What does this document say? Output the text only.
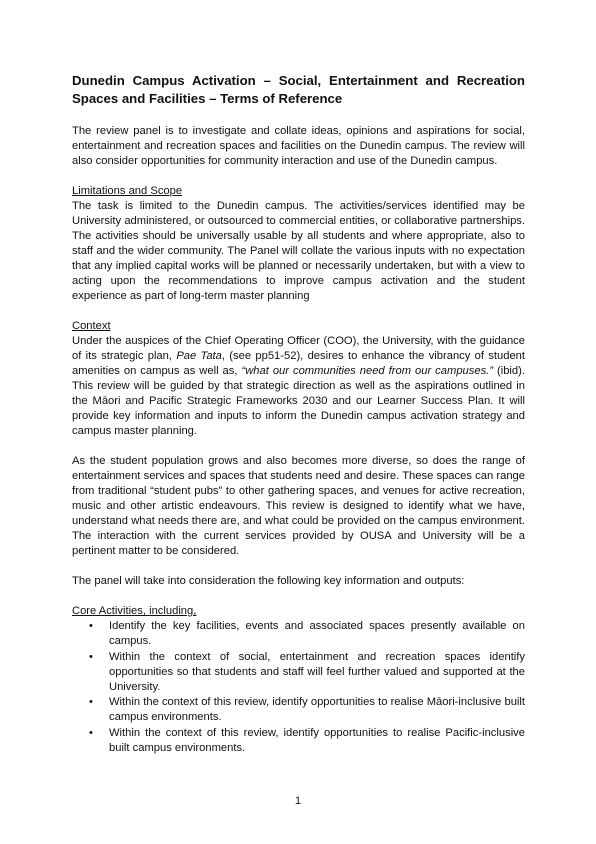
Dunedin Campus Activation – Social, Entertainment and Recreation Spaces and Facilities – Terms of Reference

The review panel is to investigate and collate ideas, opinions and aspirations for social, entertainment and recreation spaces and facilities on the Dunedin campus. The review will also consider opportunities for community interaction and use of the Dunedin campus.

Limitations and Scope

The task is limited to the Dunedin campus. The activities/services identified may be University administered, or outsourced to commercial entities, or collaborative partnerships. The activities should be universally usable by all students and where appropriate, also to staff and the wider community. The Panel will collate the various inputs with no expectation that any implied capital works will be planned or necessarily undertaken, but with a view to acting upon the recommendations to improve campus activation and the student experience as part of long-term master planning

Context

Under the auspices of the Chief Operating Officer (COO), the University, with the guidance of its strategic plan, Pae Tata, (see pp51-52), desires to enhance the vibrancy of student amenities on campus as well as, “what our communities need from our campuses.” (ibid). This review will be guided by that strategic direction as well as the aspirations outlined in the Māori and Pacific Strategic Frameworks 2030 and our Learner Success Plan. It will provide key information and inputs to inform the Dunedin campus activation strategy and campus master planning.

As the student population grows and also becomes more diverse, so does the range of entertainment services and spaces that students need and desire. These spaces can range from traditional “student pubs” to other gathering spaces, and venues for active recreation, music and other artistic endeavours. This review is designed to identify what we have, understand what needs there are, and what could be provided on the campus environment. The interaction with the current services provided by OUSA and University will be a pertinent matter to be considered.

The panel will take into consideration the following key information and outputs:

Core Activities, including,
• Identify the key facilities, events and associated spaces presently available on campus.
• Within the context of social, entertainment and recreation spaces identify opportunities so that students and staff will feel further valued and supported at the University.
• Within the context of this review, identify opportunities to realise Māori-inclusive built campus environments.
• Within the context of this review, identify opportunities to realise Pacific-inclusive built campus environments.
1
